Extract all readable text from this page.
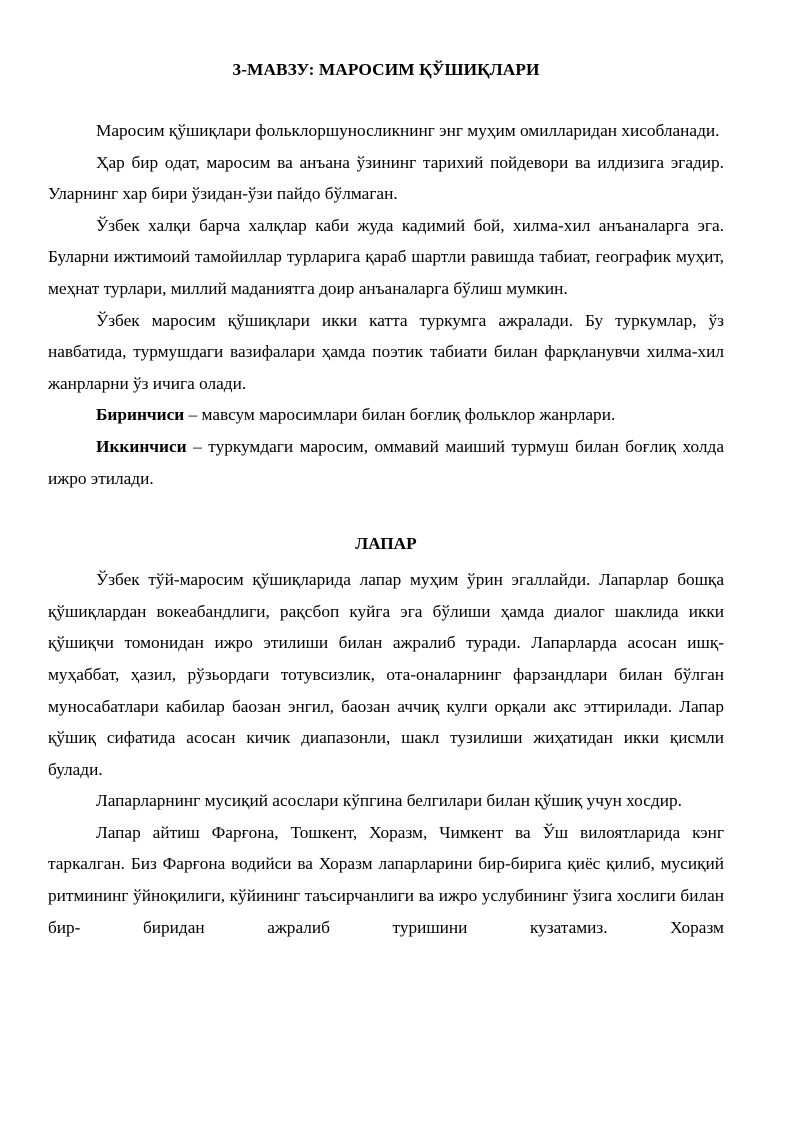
3-МАВЗУ: МАРОСИМ ҚЎШИҚЛАРИ

Маросим қўшиқлари фольклоршуносликнинг энг муҳим омилларидан хисобланади.

Ҳар бир одат, маросим ва анъана ўзининг тарихий пойдевори ва илдизига эгадир. Уларнинг хар бири ўзидан-ўзи пайдо бўлмаган.

Ўзбек халқи барча халқлар каби жуда кадимий бой, хилма-хил анъаналарга эга. Буларни ижтимоий тамойиллар турларига қараб шартли равишда табиат, географик муҳит, меҳнат турлари, миллий маданиятга доир анъаналарга бўлиш мумкин.

Ўзбек маросим қўшиқлари икки катта туркумга ажралади. Бу туркумлар, ўз навбатида, турмушдаги вазифалари ҳамда поэтик табиати билан фарқланувчи хилма-хил жанрларни ўз ичига олади.

Биринчиси – мавсум маросимлари билан боғлиқ фольклор жанрлари.

Иккинчиси – туркумдаги маросим, оммавий маиший турмуш билан боғлиқ холда ижро этилади.

ЛАПАР

Ўзбек тўй-маросим қўшиқларида лапар муҳим ўрин эгаллайди. Лапарлар бошқа қўшиқлардан вокеабандлиги, рақсбоп куйга эга бўлиши ҳамда диалог шаклида икки қўшиқчи томонидан ижро этилиши билан ажралиб туради. Лапарларда асосан ишқ-муҳаббат, ҳазил, рўзьордаги тотувсизлик, ота-оналарнинг фарзандлари билан бўлган муносабатлари кабилар баозан энгил, баозан аччиқ кулги орқали акс эттирилади. Лапар қўшиқ сифатида асосан кичик диапазонли, шакл тузилиши жиҳатидан икки қисмли булади.

Лапарларнинг мусиқий асослари кўпгина белгилари билан қўшиқ учун хосдир.

Лапар айтиш Фарғона, Тошкент, Хоразм, Чимкент ва Ўш вилоятларида кэнг таркалган. Биз Фарғона водийси ва Хоразм лапарларини бир-бирига қиёс қилиб, мусиқий ритмининг ўйноқилиги, кўйининг таъсирчанлиги ва ижро услубининг ўзига хослиги билан бир- биридан ажралиб туришини кузатамиз. Хоразм
